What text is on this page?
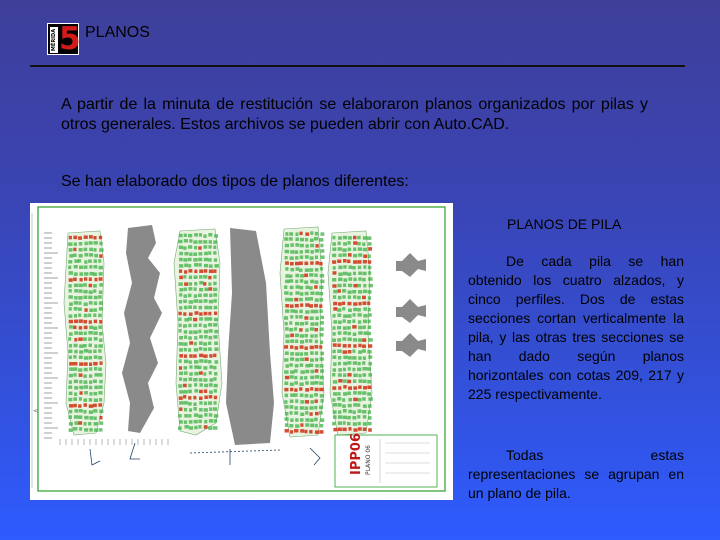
MÉRIDA 5 PLANOS
A partir de la minuta de restitución se elaboraron planos organizados por pilas y otros generales. Estos archivos se pueden abrir con Auto.CAD.
Se han elaborado dos tipos de planos diferentes:
<
IPP06 PLANO 06
PLANOS DE PILA
De cada pila se han obtenido los cuatro alzados, y cinco perfiles. Dos de estas secciones cortan verticalmente la pila, y las otras tres secciones se han dado según planos horizontales con cotas 209, 217 y 225 respectivamente.
Todas estas representaciones se agrupan en un plano de pila.
